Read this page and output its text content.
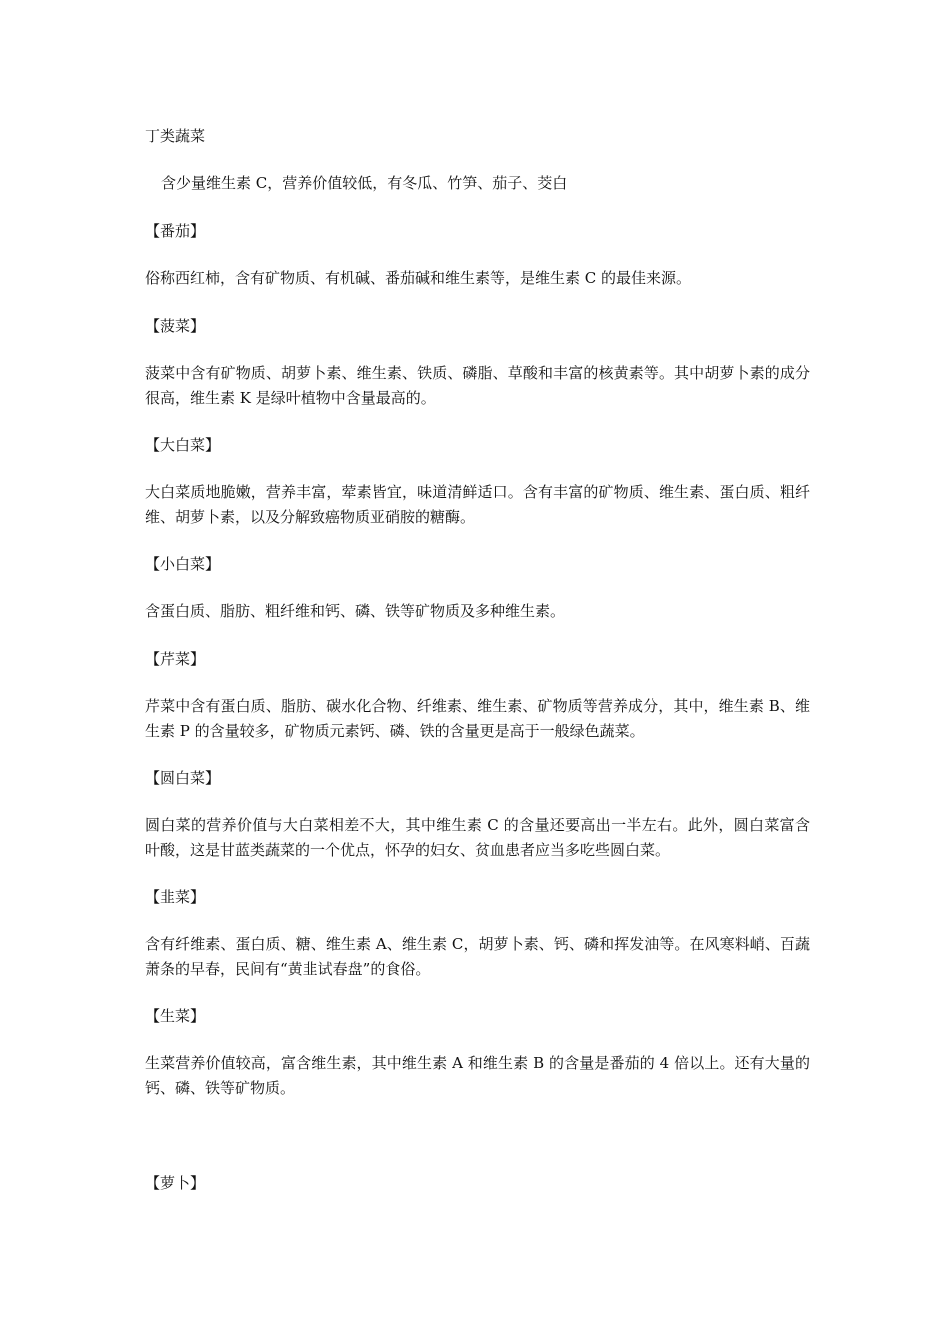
丁类蔬菜
含少量维生素 C，营养价值较低，有冬瓜、竹笋、茄子、茭白
【番茄】
俗称西红柿，含有矿物质、有机碱、番茄碱和维生素等，是维生素 C 的最佳来源。
【菠菜】
菠菜中含有矿物质、胡萝卜素、维生素、铁质、磷脂、草酸和丰富的核黄素等。其中胡萝卜素的成分很高，维生素 K 是绿叶植物中含量最高的。
【大白菜】
大白菜质地脆嫩，营养丰富，荤素皆宜，味道清鲜适口。含有丰富的矿物质、维生素、蛋白质、粗纤维、胡萝卜素，以及分解致癌物质亚硝胺的糖酶。
【小白菜】
含蛋白质、脂肪、粗纤维和钙、磷、铁等矿物质及多种维生素。
【芹菜】
芹菜中含有蛋白质、脂肪、碳水化合物、纤维素、维生素、矿物质等营养成分，其中，维生素 B、维生素 P 的含量较多，矿物质元素钙、磷、铁的含量更是高于一般绿色蔬菜。
【圆白菜】
圆白菜的营养价值与大白菜相差不大，其中维生素 C 的含量还要高出一半左右。此外，圆白菜富含叶酸，这是甘蓝类蔬菜的一个优点，怀孕的妇女、贫血患者应当多吃些圆白菜。
【韭菜】
含有纤维素、蛋白质、糖、维生素 A、维生素 C，胡萝卜素、钙、磷和挥发油等。在风寒料峭、百蔬萧条的早春，民间有“黄韭试春盘”的食俗。
【生菜】
生菜营养价值较高，富含维生素，其中维生素 A 和维生素 B 的含量是番茄的 4 倍以上。还有大量的钙、磷、铁等矿物质。
【萝卜】
